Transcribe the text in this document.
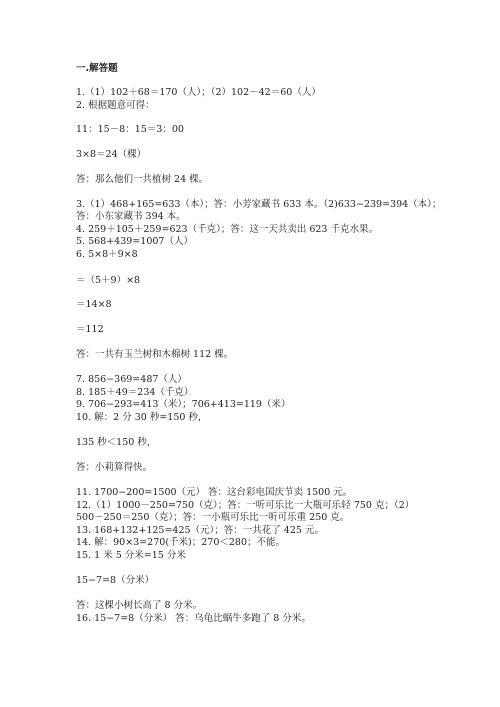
一.解答题
1.（1）102＋68＝170（人）；（2）102－42＝60（人）
2. 根据题意可得：
11：15－8：15＝3：00
3×8＝24（棵）
答：那么他们一共植树 24 棵。
3.（1）468+165=633（本）；答：小芳家藏书 633 本。（2)633−239=394（本）；
答：小东家藏书 394 本。
4. 259＋105＋259=623（千克）；答：这一天共卖出 623 千克水果。
5. 568+439=1007（人）
6. 5×8＋9×8
＝（5＋9）×8
＝14×8
＝112
答：一共有玉兰树和木棉树 112 棵。
7. 856−369=487（人）
8. 185＋49＝234（千克）
9. 706−293=413（米）；706+413=119（米）
10. 解：2 分 30 秒=150 秒，
135 秒＜150 秒，
答：小莉算得快。
11. 1700−200=1500（元） 答：这台彩电国庆节卖 1500 元。
12.（1）1000－250=750（克）；答：一听可乐比一大瓶可乐轻 750 克；（2）
500－250＝250（克）；答：一小瓶可乐比一听可乐重 250 克。
13. 168+132+125=425（元）；答：一共花了 425 元。
14. 解：90×3=270(千米)；270＜280；不能。
15. 1 米 5 分米=15 分米
15−7=8（分米）
答：这棵小树长高了 8 分米。
16. 15−7=8（分米） 答：乌龟比蜗牛多跑了 8 分米。
